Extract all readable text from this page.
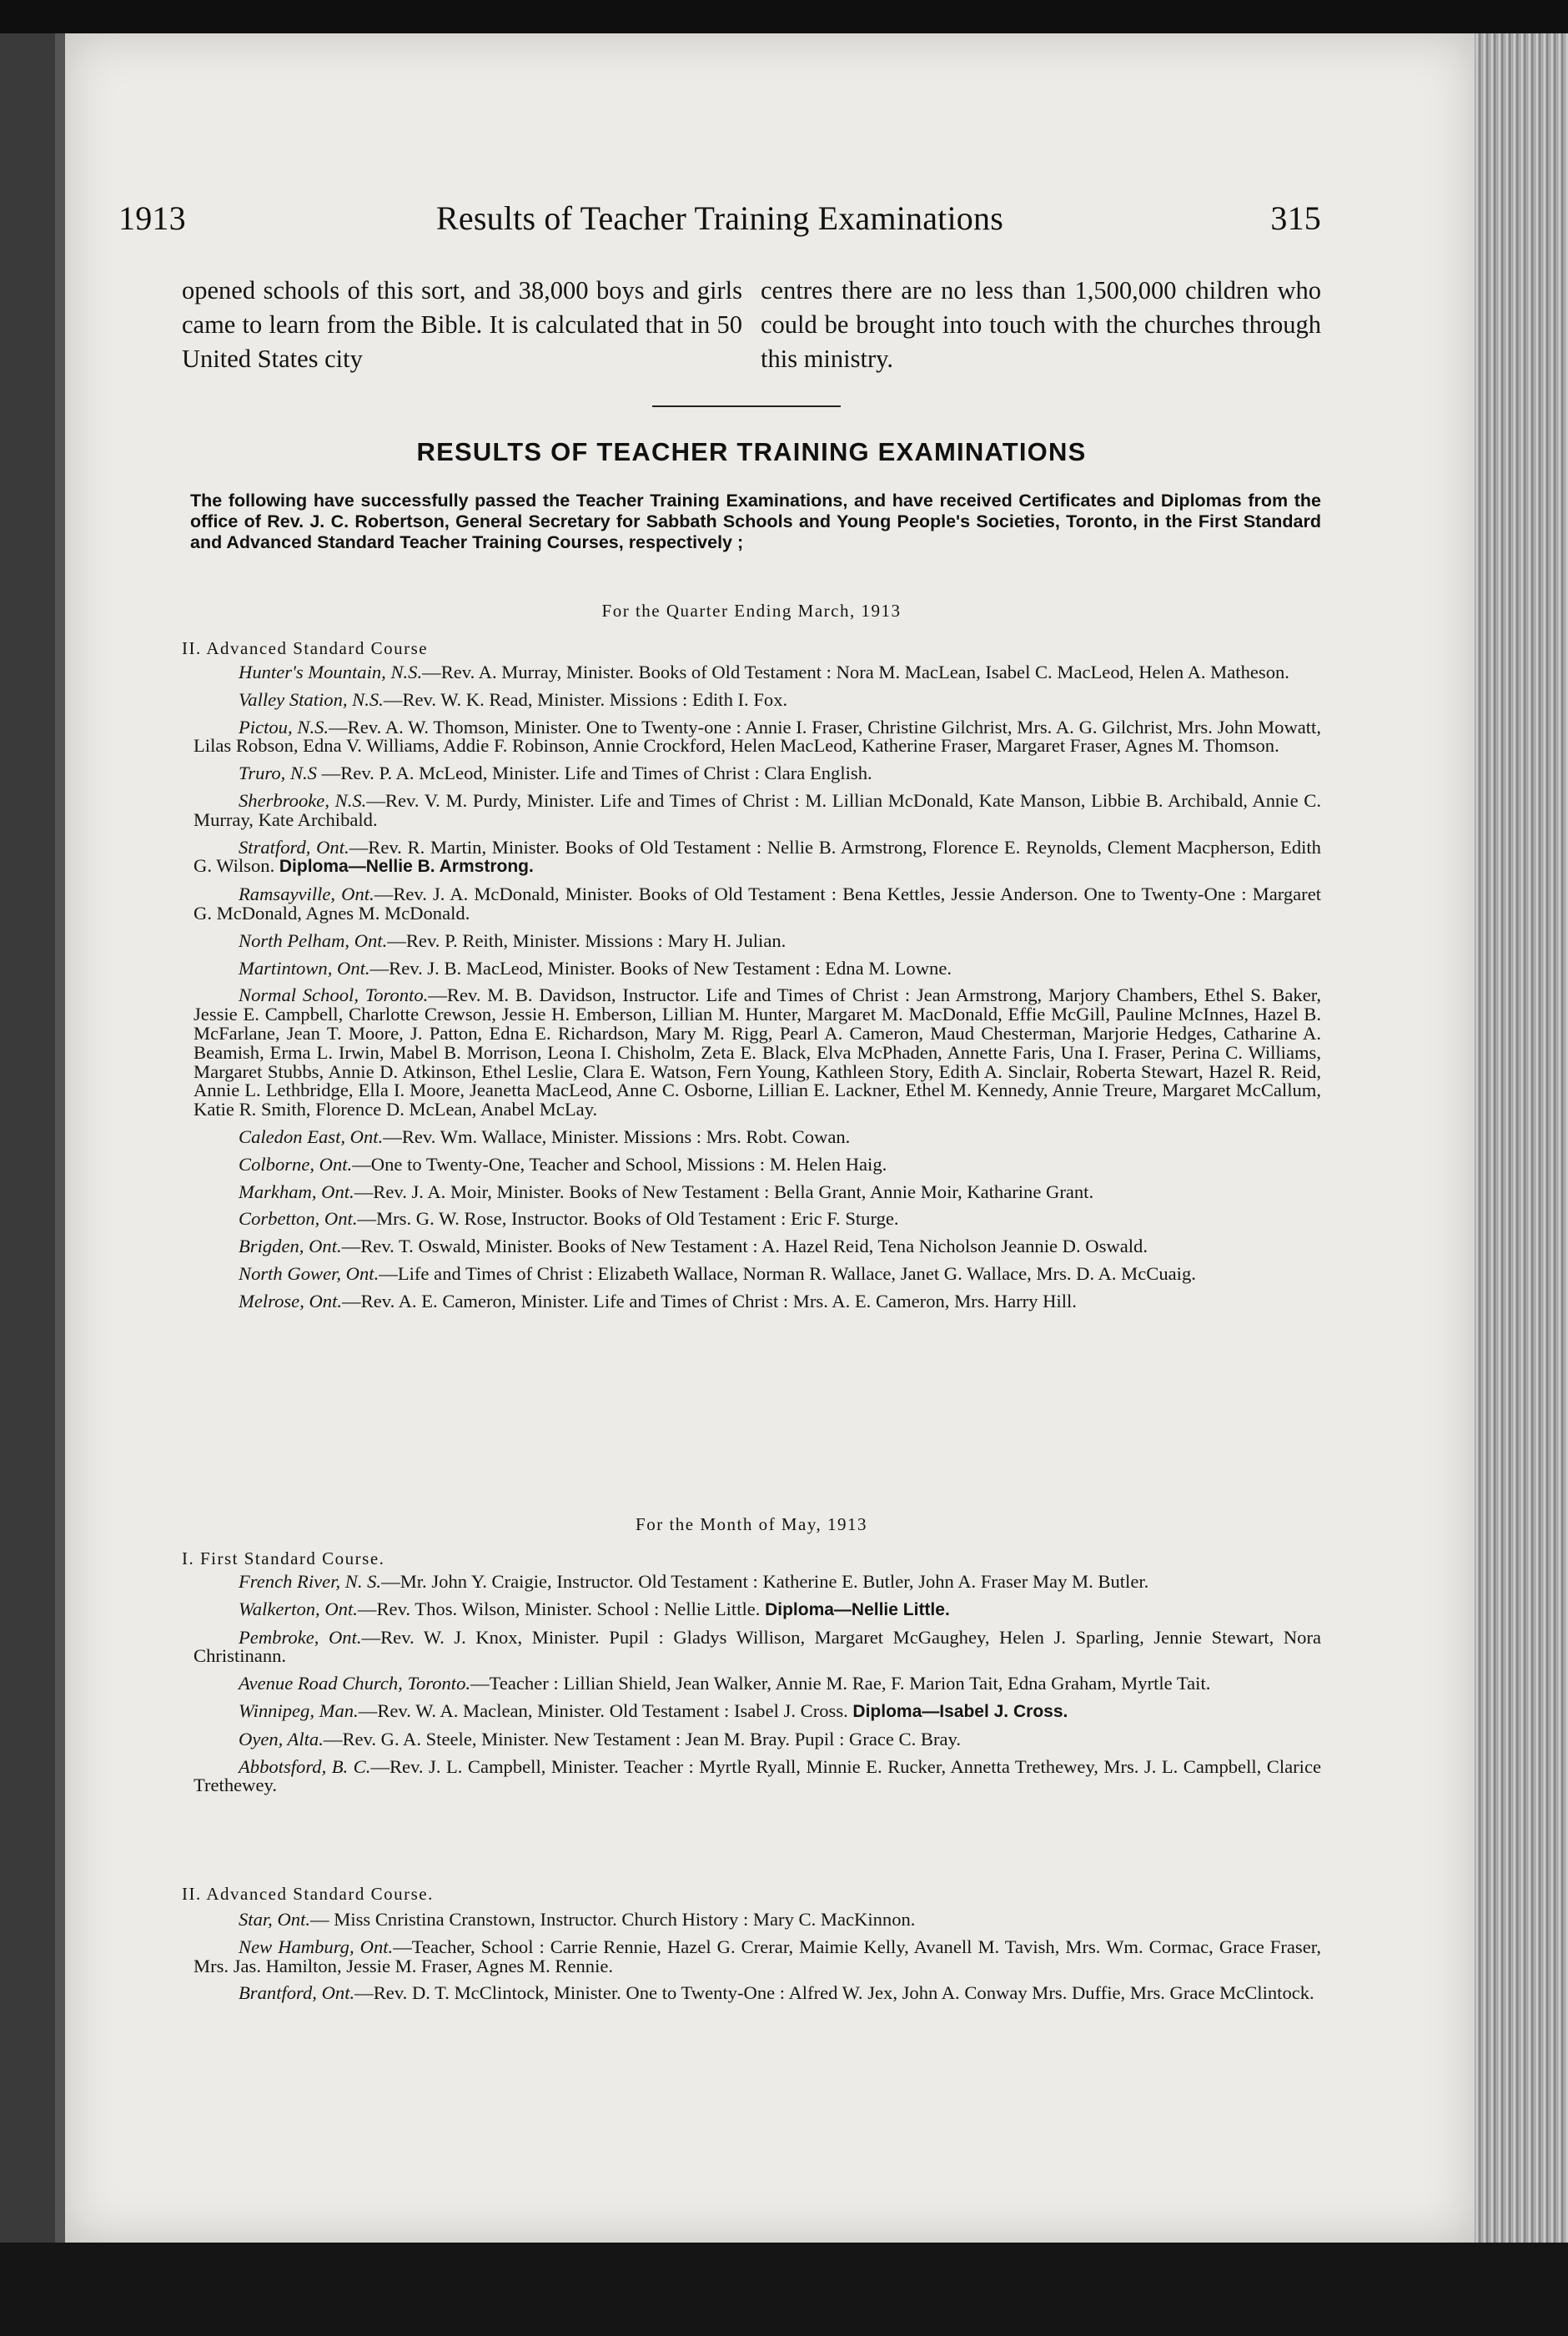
1913	Results of Teacher Training Examinations	315

opened schools of this sort, and 38,000 boys and girls came to learn from the Bible. It is calculated that in 50 United States city

centres there are no less than 1,500,000 children who could be brought into touch with the churches through this ministry.

RESULTS OF TEACHER TRAINING EXAMINATIONS

The following have successfully passed the Teacher Training Examinations, and have received Certificates and Diplomas from the office of Rev. J. C. Robertson, General Secretary for Sabbath Schools and Young People's Societies, Toronto, in the First Standard and Advanced Standard Teacher Training Courses, respectively ;

For the Quarter Ending March, 1913
II. Advanced Standard Course

Hunter's Mountain, N.S.—Rev. A. Murray, Minister. Books of Old Testament : Nora M. MacLean, Isabel C. MacLeod, Helen A. Matheson.

Valley Station, N.S.—Rev. W. K. Read, Minister. Missions : Edith I. Fox.

Pictou, N.S.—Rev. A. W. Thomson, Minister. One to Twenty-one : Annie I. Fraser, Christine Gilchrist, Mrs. A. G. Gilchrist, Mrs. John Mowatt, Lilas Robson, Edna V. Williams, Addie F. Robinson, Annie Crockford, Helen MacLeod, Katherine Fraser, Margaret Fraser, Agnes M. Thomson.

Truro, N.S —Rev. P. A. McLeod, Minister. Life and Times of Christ : Clara English.

Sherbrooke, N.S.—Rev. V. M. Purdy, Minister. Life and Times of Christ : M. Lillian McDonald, Kate Manson, Libbie B. Archibald, Annie C. Murray, Kate Archibald.

Stratford, Ont.—Rev. R. Martin, Minister. Books of Old Testament : Nellie B. Armstrong, Florence E. Reynolds, Clement Macpherson, Edith G. Wilson. Diploma—Nellie B. Armstrong.

Ramsayville, Ont.—Rev. J. A. McDonald, Minister. Books of Old Testament : Bena Kettles, Jessie Anderson. One to Twenty-One : Margaret G. McDonald, Agnes M. McDonald.

North Pelham, Ont.—Rev. P. Reith, Minister. Missions : Mary H. Julian.

Martintown, Ont.—Rev. J. B. MacLeod, Minister. Books of New Testament : Edna M. Lowne.

Normal School, Toronto.—Rev. M. B. Davidson, Instructor. Life and Times of Christ : Jean Armstrong, Marjory Chambers, Ethel S. Baker, Jessie E. Campbell, Charlotte Crewson, Jessie H. Emberson, Lillian M. Hunter, Margaret M. MacDonald, Effie McGill, Pauline McInnes, Hazel B. McFarlane, Jean T. Moore, J. Patton, Edna E. Richardson, Mary M. Rigg, Pearl A. Cameron, Maud Chesterman, Marjorie Hedges, Catharine A. Beamish, Erma L. Irwin, Mabel B. Morrison, Leona I. Chisholm, Zeta E. Black, Elva McPhaden, Annette Faris, Una I. Fraser, Perina C. Williams, Margaret Stubbs, Annie D. Atkinson, Ethel Leslie, Clara E. Watson, Fern Young, Kathleen Story, Edith A. Sinclair, Roberta Stewart, Hazel R. Reid, Annie L. Lethbridge, Ella I. Moore, Jeanetta MacLeod, Anne C. Osborne, Lillian E. Lackner, Ethel M. Kennedy, Annie Treure, Margaret McCallum, Katie R. Smith, Florence D. McLean, Anabel McLay.

Caledon East, Ont.—Rev. Wm. Wallace, Minister. Missions : Mrs. Robt. Cowan.

Colborne, Ont.—One to Twenty-One, Teacher and School, Missions : M. Helen Haig.

Markham, Ont.—Rev. J. A. Moir, Minister. Books of New Testament : Bella Grant, Annie Moir, Katharine Grant.

Corbetton, Ont.—Mrs. G. W. Rose, Instructor. Books of Old Testament : Eric F. Sturge.

Brigden, Ont.—Rev. T. Oswald, Minister. Books of New Testament : A. Hazel Reid, Tena Nicholson Jeannie D. Oswald.

North Gower, Ont.—Life and Times of Christ : Elizabeth Wallace, Norman R. Wallace, Janet G. Wallace, Mrs. D. A. McCuaig.

Melrose, Ont.—Rev. A. E. Cameron, Minister. Life and Times of Christ : Mrs. A. E. Cameron, Mrs. Harry Hill.

For the Month of May, 1913
I. First Standard Course.

French River, N. S.—Mr. John Y. Craigie, Instructor. Old Testament : Katherine E. Butler, John A. Fraser May M. Butler.

Walkerton, Ont.—Rev. Thos. Wilson, Minister. School : Nellie Little. Diploma—Nellie Little.

Pembroke, Ont.—Rev. W. J. Knox, Minister. Pupil : Gladys Willison, Margaret McGaughey, Helen J. Sparling, Jennie Stewart, Nora Christinann.

Avenue Road Church, Toronto.—Teacher : Lillian Shield, Jean Walker, Annie M. Rae, F. Marion Tait, Edna Graham, Myrtle Tait.

Winnipeg, Man.—Rev. W. A. Maclean, Minister. Old Testament : Isabel J. Cross. Diploma—Isabel J. Cross.

Oyen, Alta.—Rev. G. A. Steele, Minister. New Testament : Jean M. Bray. Pupil : Grace C. Bray.

Abbotsford, B. C.—Rev. J. L. Campbell, Minister. Teacher : Myrtle Ryall, Minnie E. Rucker, Annetta Trethewey, Mrs. J. L. Campbell, Clarice Trethewey.

II. Advanced Standard Course.

Star, Ont.— Miss Cnristina Cranstown, Instructor. Church History : Mary C. MacKinnon.

New Hamburg, Ont.—Teacher, School : Carrie Rennie, Hazel G. Crerar, Maimie Kelly, Avanell M. Tavish, Mrs. Wm. Cormac, Grace Fraser, Mrs. Jas. Hamilton, Jessie M. Fraser, Agnes M. Rennie.

Brantford, Ont.—Rev. D. T. McClintock, Minister. One to Twenty-One : Alfred W. Jex, John A. Conway Mrs. Duffie, Mrs. Grace McClintock.
